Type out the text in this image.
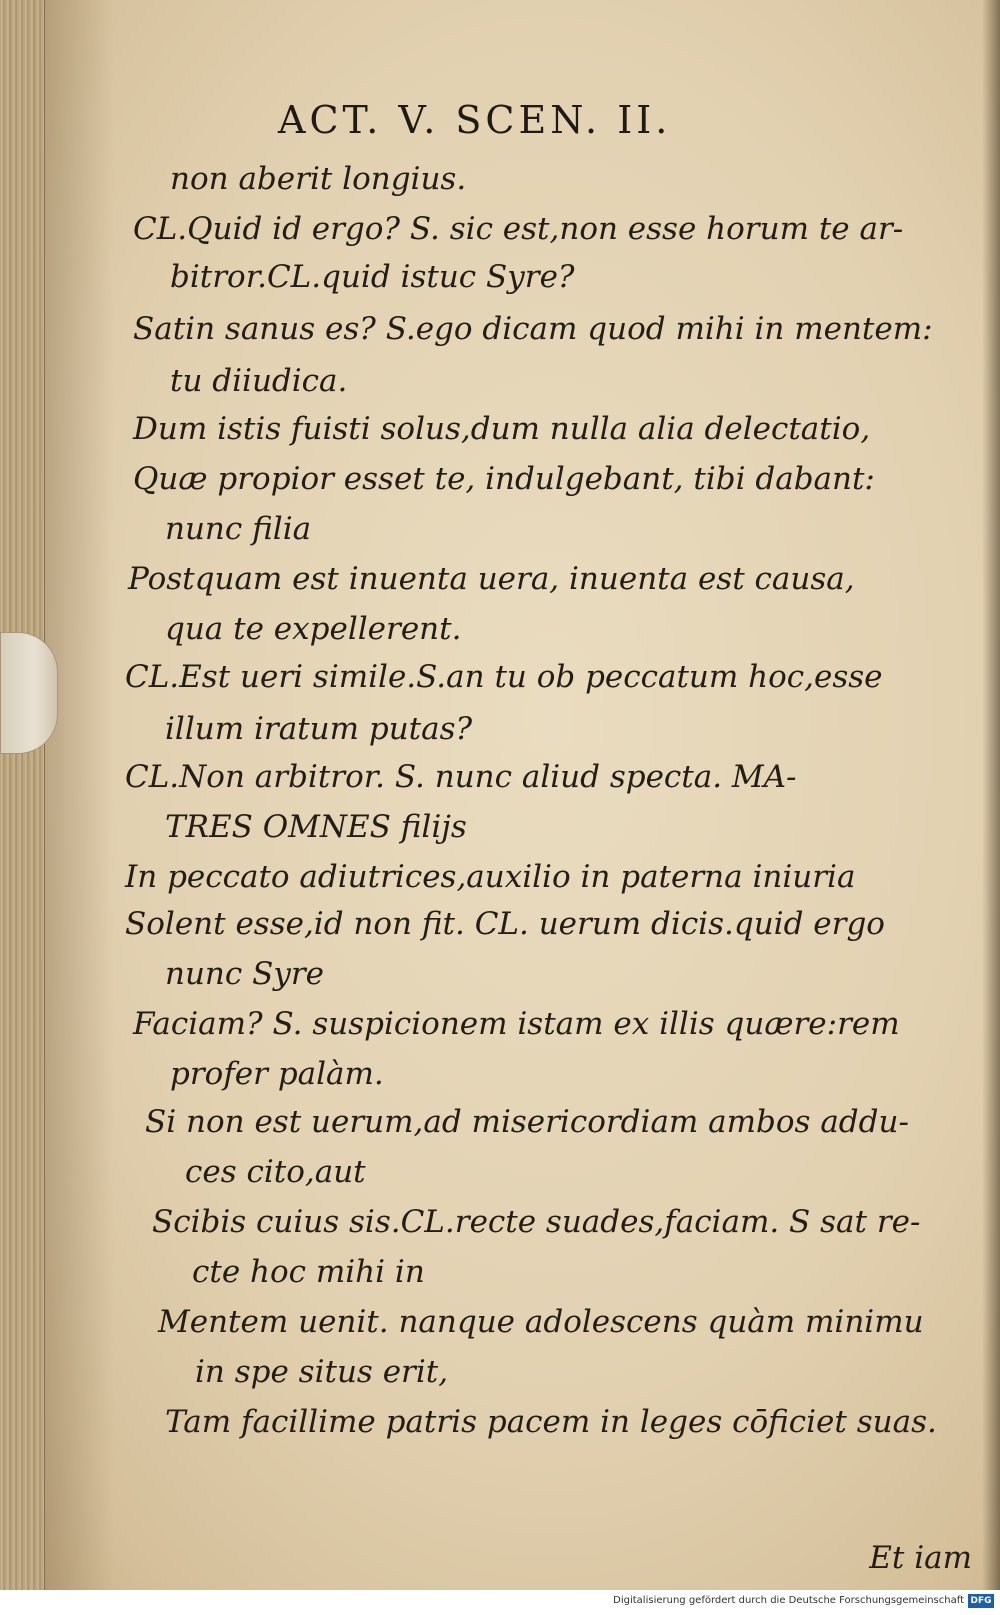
ACT. V. SCEN. II.
non aberit longius.
CL.Quid id ergo? S. sic est,non esse horum te ar-
bitror.CL.quid istuc Syre?
Satin sanus es? S.ego dicam quod mihi in mentem:
tu diiudica.
Dum istis fuisti solus,dum nulla alia delectatio,
Quæ propior esset te, indulgebant, tibi dabant:
nunc filia
Postquam est inuenta uera, inuenta est causa,
qua te expellerent.
CL.Est ueri simile.S.an tu ob peccatum hoc,esse
illum iratum putas?
CL.Non arbitror. S. nunc aliud specta. MA-
TRES OMNES filijs
In peccato adiutrices,auxilio in paterna iniuria
Solent esse,id non fit. CL. uerum dicis.quid ergo
nunc Syre
Faciam? S. suspicionem istam ex illis quære:rem
profer palàm.
Si non est uerum,ad misericordiam ambos addu-
ces cito,aut
Scibis cuius sis.CL.recte suades,faciam. S sat re-
cte hoc mihi in
Mentem uenit. nanque adolescens quàm minimu
in spe situs erit,
Tam facillime patris pacem in leges cōficiet suas.
Et iam
Digitalisierung gefördert durch die Deutsche Forschungsgemeinschaft DFG
